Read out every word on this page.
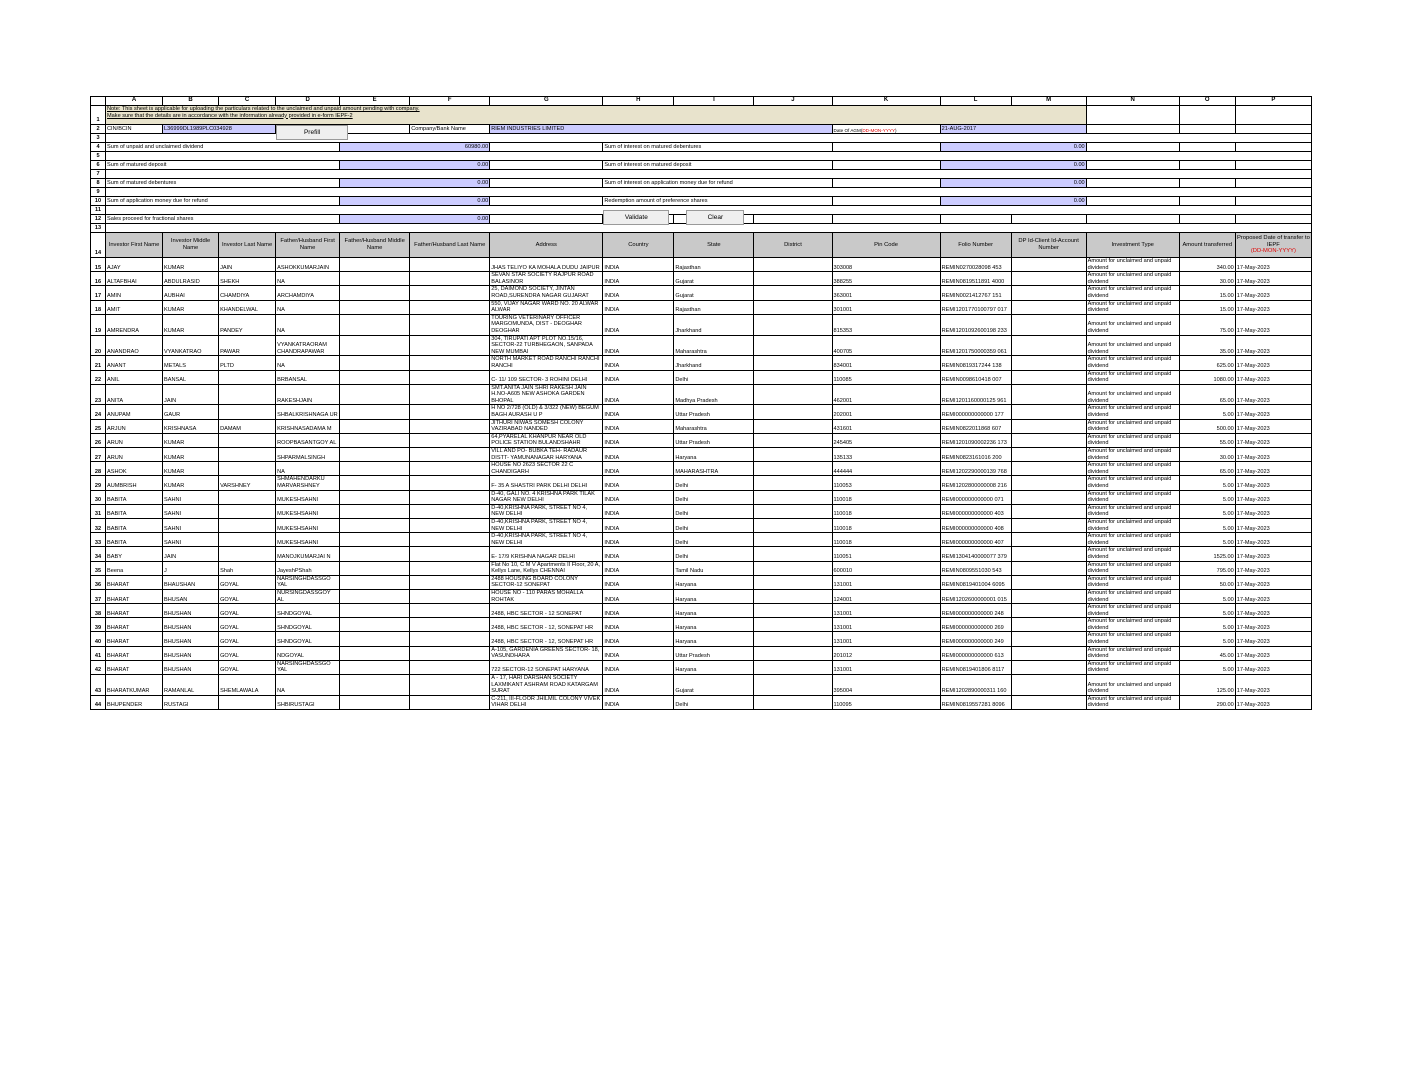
	A	B	C	D	E	F	G	H	I	J	K	L	M	N	O	P
1	Note: This sheet is applicable for uploading the particulars related to the unclaimed and unpaid amount pending with company.
Make sure that the details are in accordance with the information already provided in e-form IEPF-2															

2	CIN/BCIN	L36999DL1989PLC034928		Prefill		Company/Bank Name	RIEM INDUSTRIES LIMITED				Date Of AGM(DD-MON-YYYY)	21-AUG-2017				
3																
4	Sum of unpaid and unclaimed dividend				60980.00			Sum of interest on matured debentures				0.00				
5																
6	Sum of matured deposit				0.00			Sum of interest on matured deposit				0.00				
7																
8	Sum of matured debentures				0.00			Sum of interest on application money due for refund				0.00				
9																
10	Sum of application money due for refund				0.00			Redemption amount of preference shares				0.00				
11																
12	Sales proceed for fractional shares				0.00			Validate	Clear							

13																
14	Investor First Name	Investor Middle Name	Investor Last Name	Father/Husband First Name	Father/Husband Middle Name	Father/Husband Last Name	Address	Country	State	District	Pin Code	Folio Number	DP Id-Client Id-Account Number	Investment Type	Amount transferred	Proposed Date of transfer to IEPF
(DD-MON-YYYY)

15	AJAY	KUMAR	JAIN	ASHOKKUMARJAIN			JHAS TELIYO KA MOHALA DUDU JAIPUR	INDIA	Rajasthan		303008	REMIN0270028098 453		Amount for unclaimed and unpaid dividend	340.00	17-May-2023
16	ALTAFBHAI	ABDULRASID	SHEKH	NA			SEVAN STAR SOCIETY RAJPUR ROAD BALASINOR	INDIA	Gujarat		388255	REMIN0819511891 4000		Amount for unclaimed and unpaid dividend	30.00	17-May-2023
17	AMIN	AUBHAI	CHAMDIYA	ARCHAMDIYA			25, DAIMOND SOCIETY, JINTAN ROAD,SURENDRA NAGAR GUJARAT	INDIA	Gujarat		363001	REMIN0021412767 151		Amount for unclaimed and unpaid dividend	15.00	17-May-2023
18	AMIT	KUMAR	KHANDELWAL	NA			550, VIJAY NAGAR WARD NO. 20 ALWAR ALWAR	INDIA	Rajasthan		301001	REMI1201770100797 017		Amount for unclaimed and unpaid dividend	15.00	17-May-2023
19	AMRENDRA	KUMAR	PANDEY	NA			TOURING VETERINARY OFFICER MARGOMUNDA, DIST - DEOGHAR DEOGHAR	INDIA	Jharkhand		815353	REMI1201092600198 233		Amount for unclaimed and unpaid dividend	75.00	17-May-2023
20	ANANDRAO	VYANKATRAO	PAWAR	VYANKATRAORAM CHANDRAPAWAR			304, TIRUPATI APT PLOT NO.15/16, SECTOR-22 TURBHEGAON, SANPADA NEW MUMBAI	INDIA	Maharashtra		400705	REMI1201750000359 061		Amount for unclaimed and unpaid dividend	35.00	17-May-2023
21	ANANT	METALS	PLTD	NA			NORTH MARKET ROAD RANCHI RANCHI RANCHI	INDIA	Jharkhand		834001	REMIN0819317244 138		Amount for unclaimed and unpaid dividend	625.00	17-May-2023
22	ANIL	BANSAL		BRBANSAL			C- 11/ 109 SECTOR- 3 ROHINI DELHI	INDIA	Delhi		110085	REMIN0098610418 007		Amount for unclaimed and unpaid dividend	1080.00	17-May-2023
23	ANITA	JAIN		RAKESHJAIN			SMT.ANITA JAIN SHRI RAKESH JAIN H.NO-A605 NEW ASHOKA GARDEN BHOPAL	INDIA	Madhya Pradesh		462001	REMI1201160000125 961		Amount for unclaimed and unpaid dividend	65.00	17-May-2023
24	ANUPAM	GAUR		SHBALKRISHNAGA UR			H NO 2/728 (OLD) & 3/322 (NEW) BEGUM BAGH AURASH U P	INDIA	Uttar Pradesh		202001	REMI000000000000 177		Amount for unclaimed and unpaid dividend	5.00	17-May-2023
25	ARJUN	KRISHNASA	DAMAM	KRISHNASADAMA M			JITHURI NIWAS SOMESH COLONY VAZIRABAD NANDED	INDIA	Maharashtra		431601	REMIN0822011868 607		Amount for unclaimed and unpaid dividend	500.00	17-May-2023
26	ARUN	KUMAR		ROOPBASANTGOY AL			64,PYARELAL KHANPUR NEAR OLD POLICE STATION BULANDSHAHR	INDIA	Uttar Pradesh		245405	REMI1201090002236 173		Amount for unclaimed and unpaid dividend	55.00	17-May-2023
27	ARUN	KUMAR		SHPARMALSINGH			VILL AND PO- BUBKA TEH- RADAUR DISTT- YAMUNANAGAR HARYANA	INDIA	Haryana		135133	REMIN0823161016 200		Amount for unclaimed and unpaid dividend	30.00	17-May-2023
28	ASHOK	KUMAR		NA			HOUSE NO 2623 SECTOR 22 C CHANDIGARH	INDIA	MAHARASHTRA		444444	REMI1202290000139 768		Amount for unclaimed and unpaid dividend	65.00	17-May-2023
29	AUMBRISH	KUMAR	VARSHNEY	SHMAHENDARKU MARVARSHNEY			F- 35 A SHASTRI PARK DELHI DELHI	INDIA	Delhi		110053	REMI1202800000008 216		Amount for unclaimed and unpaid dividend	5.00	17-May-2023
30	BABITA	SAHNI		MUKESHSAHNI			D-40, GALI NO. 4 KRISHNA PARK TILAK NAGAR NEW DELHI	INDIA	Delhi		110018	REMI000000000000 071		Amount for unclaimed and unpaid dividend	5.00	17-May-2023
31	BABITA	SAHNI		MUKESHSAHNI			D-40,KRISHNA PARK, STREET NO 4, NEW DELHI	INDIA	Delhi		110018	REMI000000000000 403		Amount for unclaimed and unpaid dividend	5.00	17-May-2023
32	BABITA	SAHNI		MUKESHSAHNI			D-40,KRISHNA PARK, STREET NO 4, NEW DELHI	INDIA	Delhi		110018	REMI000000000000 408		Amount for unclaimed and unpaid dividend	5.00	17-May-2023
33	BABITA	SAHNI		MUKESHSAHNI			D-40,KRISHNA PARK, STREET NO 4, NEW DELHI	INDIA	Delhi		110018	REMI000000000000 407		Amount for unclaimed and unpaid dividend	5.00	17-May-2023
34	BABY	JAIN		MANOJKUMARJAI N			E- 17/9 KRISHNA NAGAR DELHI	INDIA	Delhi		110051	REMI1304140000077 379		Amount for unclaimed and unpaid dividend	1525.00	17-May-2023
35	Beena	J	Shah	JayeshPShah			Flat No 10, C M V Apartments II Floor, 20 A, Kellys Lane, Kellys CHENNAI	INDIA	Tamil Nadu		600010	REMIN0809551030 543		Amount for unclaimed and unpaid dividend	795.00	17-May-2023
36	BHARAT	BHAUSHAN	GOYAL	NARSINGHDASSGO YAL			2488 HOUSING BOARD COLONY SECTOR-12 SONEPAT	INDIA	Haryana		131001	REMIN0819401004 6095		Amount for unclaimed and unpaid dividend	50.00	17-May-2023
37	BHARAT	BHUSAN	GOYAL	NURSINGDASSGOY AL			HOUSE NO - 110 PARAS MOHALLA ROHTAK	INDIA	Haryana		124001	REMI1202600000001 015		Amount for unclaimed and unpaid dividend	5.00	17-May-2023
38	BHARAT	BHUSHAN	GOYAL	SHNDGOYAL			2488, HBC SECTOR - 12 SONEPAT	INDIA	Haryana		131001	REMI000000000000 248		Amount for unclaimed and unpaid dividend	5.00	17-May-2023
39	BHARAT	BHUSHAN	GOYAL	SHNDGOYAL			2488, HBC SECTOR - 12, SONEPAT HR	INDIA	Haryana		131001	REMI000000000000 269		Amount for unclaimed and unpaid dividend	5.00	17-May-2023
40	BHARAT	BHUSHAN	GOYAL	SHNDGOYAL			2488, HBC SECTOR - 12, SONEPAT HR	INDIA	Haryana		131001	REMI000000000000 249		Amount for unclaimed and unpaid dividend	5.00	17-May-2023
41	BHARAT	BHUSHAN	GOYAL	NDGOYAL			A-105, GARDENIA GREENS SECTOR- 18, VASUNDHARA	INDIA	Uttar Pradesh		201012	REMI000000000000 613		Amount for unclaimed and unpaid dividend	45.00	17-May-2023
42	BHARAT	BHUSHAN	GOYAL	NARSINGHDASSGO YAL			722 SECTOR-12 SONEPAT HARYANA	INDIA	Haryana		131001	REMIN0819401806 8117		Amount for unclaimed and unpaid dividend	5.00	17-May-2023
43	BHARATKUMAR	RAMANLAL	SHEMLAWALA	NA			A - 17, HARI DARSHAN SOCIETY LAXMIKANT ASHRAM ROAD KATARGAM SURAT	INDIA	Gujarat		395004	REMI1202890000311 160		Amount for unclaimed and unpaid dividend	125.00	17-May-2023
44	BHUPENDER	RUSTAGI		SHBIRUSTAGI			C-211, III-FLOOR JHILMIL COLONY VIVEK VIHAR DELHI	INDIA	Delhi		110095	REMIN0819557281 8096		Amount for unclaimed and unpaid dividend	290.00	17-May-2023
